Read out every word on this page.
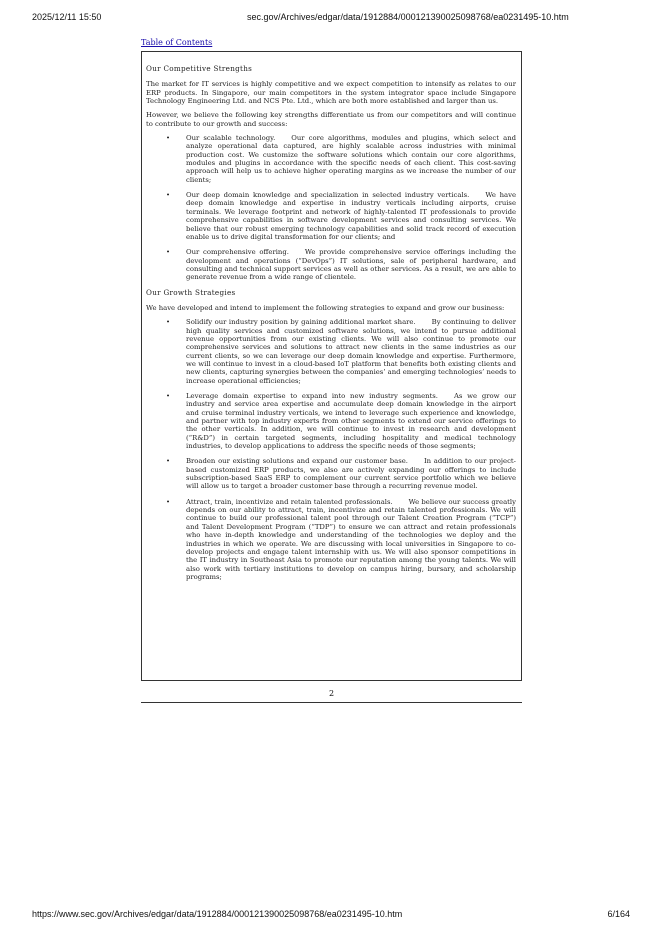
2025/12/11 15:50	sec.gov/Archives/edgar/data/1912884/000121390025098768/ea0231495-10.htm
Table of Contents
Our Competitive Strengths

The market for IT services is highly competitive and we expect competition to intensify as relates to our ERP products. In Singapore, our main competitors in the system integrator space include Singapore Technology Engineering Ltd. and NCS Pte. Ltd., which are both more established and larger than us.

However, we believe the following key strengths differentiate us from our competitors and will continue to contribute to our growth and success:

• Our scalable technology. Our core algorithms, modules and plugins, which select and analyze operational data captured, are highly scalable across industries with minimal production cost. We customize the software solutions which contain our core algorithms, modules and plugins in accordance with the specific needs of each client. This cost-saving approach will help us to achieve higher operating margins as we increase the number of our clients;
• Our deep domain knowledge and specialization in selected industry verticals. We have deep domain knowledge and expertise in industry verticals including airports, cruise terminals. We leverage footprint and network of highly-talented IT professionals to provide comprehensive capabilities in software development services and consulting services. We believe that our robust emerging technology capabilities and solid track record of execution enable us to drive digital transformation for our clients; and
• Our comprehensive offering. We provide comprehensive service offerings including the development and operations (“DevOps”) IT solutions, sale of peripheral hardware, and consulting and technical support services as well as other services. As a result, we are able to generate revenue from a wide range of clientele.
Our Growth Strategies

We have developed and intend to implement the following strategies to expand and grow our business:

• Solidify our industry position by gaining additional market share. By continuing to deliver high quality services and customized software solutions, we intend to pursue additional revenue opportunities from our existing clients. We will also continue to promote our comprehensive services and solutions to attract new clients in the same industries as our current clients, so we can leverage our deep domain knowledge and expertise. Furthermore, we will continue to invest in a cloud-based IoT platform that benefits both existing clients and new clients, capturing synergies between the companies’ and emerging technologies’ needs to increase operational efficiencies;
• Leverage domain expertise to expand into new industry segments. As we grow our industry and service area expertise and accumulate deep domain knowledge in the airport and cruise terminal industry verticals, we intend to leverage such experience and knowledge, and partner with top industry experts from other segments to extend our service offerings to the other verticals. In addition, we will continue to invest in research and development (“R&D”) in certain targeted segments, including hospitality and medical technology industries, to develop applications to address the specific needs of those segments;
• Broaden our existing solutions and expand our customer base. In addition to our project-based customized ERP products, we also are actively expanding our offerings to include subscription-based SaaS ERP to complement our current service portfolio which we believe will allow us to target a broader customer base through a recurring revenue model.
• Attract, train, incentivize and retain talented professionals. We believe our success greatly depends on our ability to attract, train, incentivize and retain talented professionals. We will continue to build our professional talent pool through our Talent Creation Program (“TCP”) and Talent Development Program (“TDP”) to ensure we can attract and retain professionals who have in-depth knowledge and understanding of the technologies we deploy and the industries in which we operate. We are discussing with local universities in Singapore to co-develop projects and engage talent internship with us. We will also sponsor competitions in the IT industry in Southeast Asia to promote our reputation among the young talents. We will also work with tertiary institutions to develop on campus hiring, bursary, and scholarship programs;
2
https://www.sec.gov/Archives/edgar/data/1912884/000121390025098768/ea0231495-10.htm	6/164
